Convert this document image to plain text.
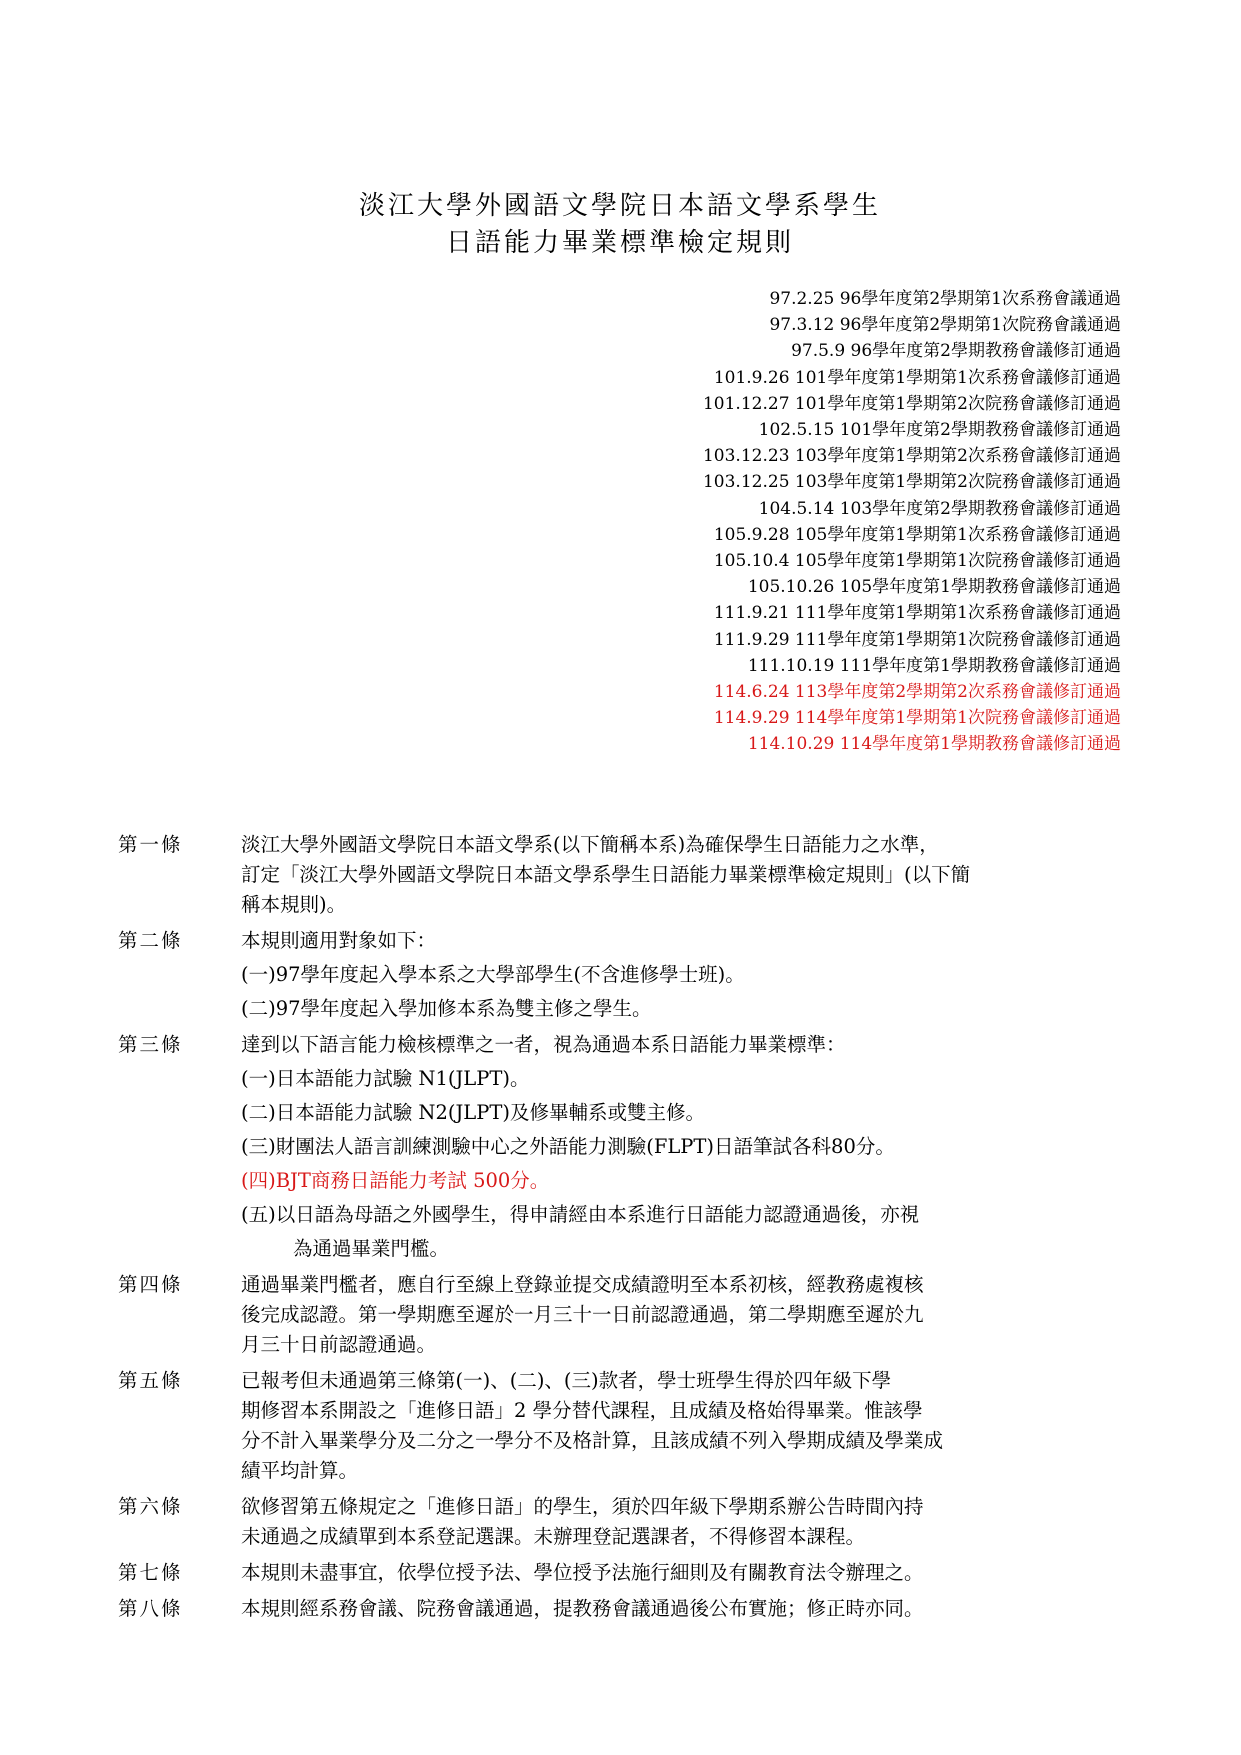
淡江大學外國語文學院日本語文學系學生
日語能力畢業標準檢定規則
97.2.25 96學年度第2學期第1次系務會議通過
97.3.12 96學年度第2學期第1次院務會議通過
97.5.9 96學年度第2學期教務會議修訂通過
101.9.26 101學年度第1學期第1次系務會議修訂通過
101.12.27 101學年度第1學期第2次院務會議修訂通過
102.5.15 101學年度第2學期教務會議修訂通過
103.12.23 103學年度第1學期第2次系務會議修訂通過
103.12.25 103學年度第1學期第2次院務會議修訂通過
104.5.14 103學年度第2學期教務會議修訂通過
105.9.28 105學年度第1學期第1次系務會議修訂通過
105.10.4 105學年度第1學期第1次院務會議修訂通過
105.10.26 105學年度第1學期教務會議修訂通過
111.9.21 111學年度第1學期第1次系務會議修訂通過
111.9.29 111學年度第1學期第1次院務會議修訂通過
111.10.19 111學年度第1學期教務會議修訂通過
114.6.24 113學年度第2學期第2次系務會議修訂通過
114.9.29 114學年度第1學期第1次院務會議修訂通過
114.10.29 114學年度第1學期教務會議修訂通過
第一條	淡江大學外國語文學院日本語文學系(以下簡稱本系)為確保學生日語能力之水準，
訂定「淡江大學外國語文學院日本語文學系學生日語能力畢業標準檢定規則」(以下簡
稱本規則)。
第二條	本規則適用對象如下：
(一)97學年度起入學本系之大學部學生(不含進修學士班)。
(二)97學年度起入學加修本系為雙主修之學生。
第三條	達到以下語言能力檢核標準之一者，視為通過本系日語能力畢業標準：
(一)日本語能力試驗 N1(JLPT)。
(二)日本語能力試驗 N2(JLPT)及修畢輔系或雙主修。
(三)財團法人語言訓練測驗中心之外語能力測驗(FLPT)日語筆試各科80分。
(四)BJT商務日語能力考試 500分。
(五)以日語為母語之外國學生，得申請經由本系進行日語能力認證通過後，亦視
為通過畢業門檻。
第四條	通過畢業門檻者，應自行至線上登錄並提交成績證明至本系初核，經教務處複核
後完成認證。第一學期應至遲於一月三十一日前認證通過，第二學期應至遲於九
月三十日前認證通過。
第五條	已報考但未通過第三條第(一)、(二)、(三)款者，學士班學生得於四年級下學
期修習本系開設之「進修日語」2 學分替代課程，且成績及格始得畢業。惟該學
分不計入畢業學分及二分之一學分不及格計算，且該成績不列入學期成績及學業成
績平均計算。
第六條	欲修習第五條規定之「進修日語」的學生，須於四年級下學期系辦公告時間內持
未通過之成績單到本系登記選課。未辦理登記選課者，不得修習本課程。
第七條	本規則未盡事宜，依學位授予法、學位授予法施行細則及有關教育法令辦理之。
第八條	本規則經系務會議、院務會議通過，提教務會議通過後公布實施；修正時亦同。
